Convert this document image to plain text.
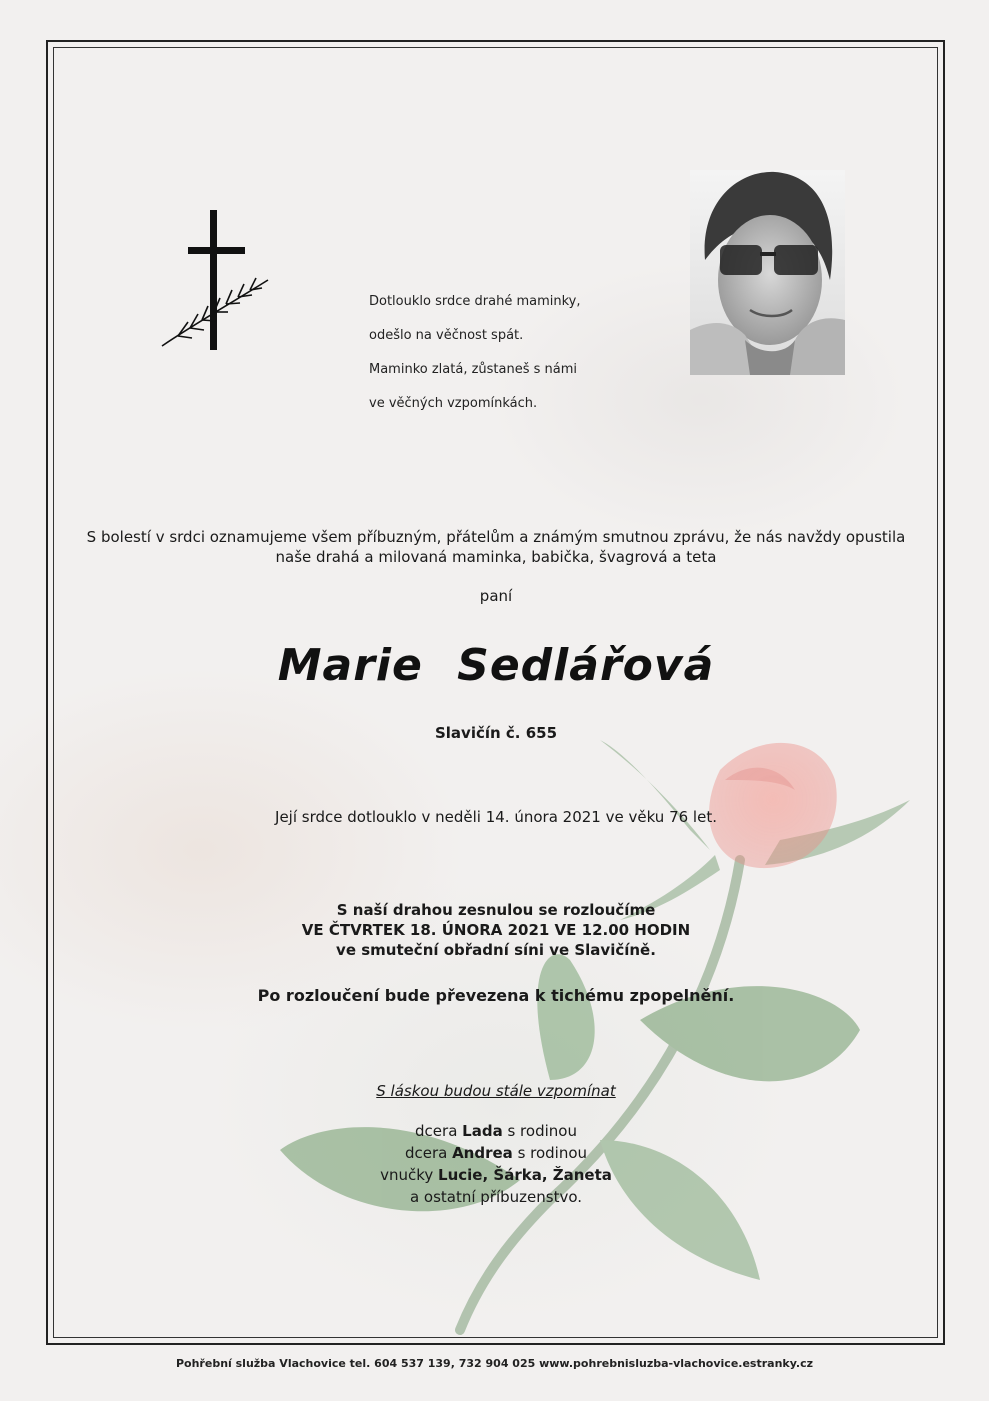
Dotlouklo srdce drahé maminky,

odešlo na věčnost spát.

Maminko zlatá, zůstaneš s námi

ve věčných vzpomínkách.

S bolestí v srdci oznamujeme všem příbuzným, přátelům a známým smutnou zprávu, že nás navždy opustila
naše drahá a milovaná maminka, babička, švagrová a teta
paní
Marie Sedlářová
Slavičín č. 655
Její srdce dotlouklo v neděli 14. února 2021 ve věku 76 let.
S naší drahou zesnulou se rozloučíme
VE ČTVRTEK 18. ÚNORA 2021 VE 12.00 HODIN
ve smuteční obřadní síni ve Slavičíně.
Po rozloučení bude převezena k tichému zpopelnění.
S láskou budou stále vzpomínat
dcera Lada s rodinou
dcera Andrea s rodinou
vnučky Lucie, Šárka, Žaneta
a ostatní příbuzenstvo.
Pohřební služba Vlachovice tel. 604 537 139, 732 904 025 www.pohrebnisluzba-vlachovice.estranky.cz
